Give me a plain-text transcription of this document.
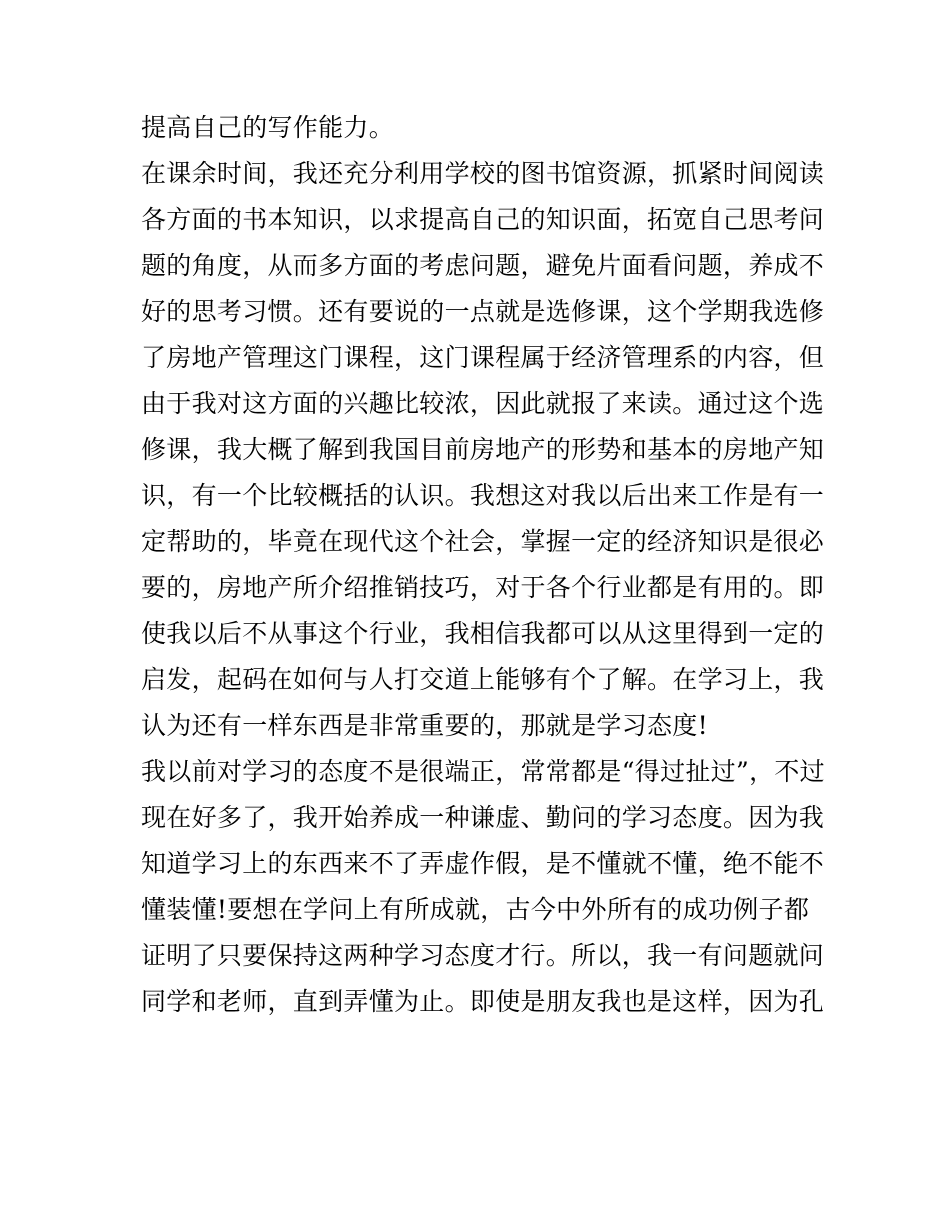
提高自己的写作能力。
在课余时间，我还充分利用学校的图书馆资源，抓紧时间阅读
各方面的书本知识，以求提高自己的知识面，拓宽自己思考问
题的角度，从而多方面的考虑问题，避免片面看问题，养成不
好的思考习惯。还有要说的一点就是选修课，这个学期我选修
了房地产管理这门课程，这门课程属于经济管理系的内容，但
由于我对这方面的兴趣比较浓，因此就报了来读。通过这个选
修课，我大概了解到我国目前房地产的形势和基本的房地产知
识，有一个比较概括的认识。我想这对我以后出来工作是有一
定帮助的，毕竟在现代这个社会，掌握一定的经济知识是很必
要的，房地产所介绍推销技巧，对于各个行业都是有用的。即
使我以后不从事这个行业，我相信我都可以从这里得到一定的
启发，起码在如何与人打交道上能够有个了解。在学习上，我
认为还有一样东西是非常重要的，那就是学习态度!
我以前对学习的态度不是很端正，常常都是“得过扯过”，不过
现在好多了，我开始养成一种谦虚、勤问的学习态度。因为我
知道学习上的东西来不了弄虚作假，是不懂就不懂，绝不能不
懂装懂!要想在学问上有所成就，古今中外所有的成功例子都
证明了只要保持这两种学习态度才行。所以，我一有问题就问
同学和老师，直到弄懂为止。即使是朋友我也是这样，因为孔
